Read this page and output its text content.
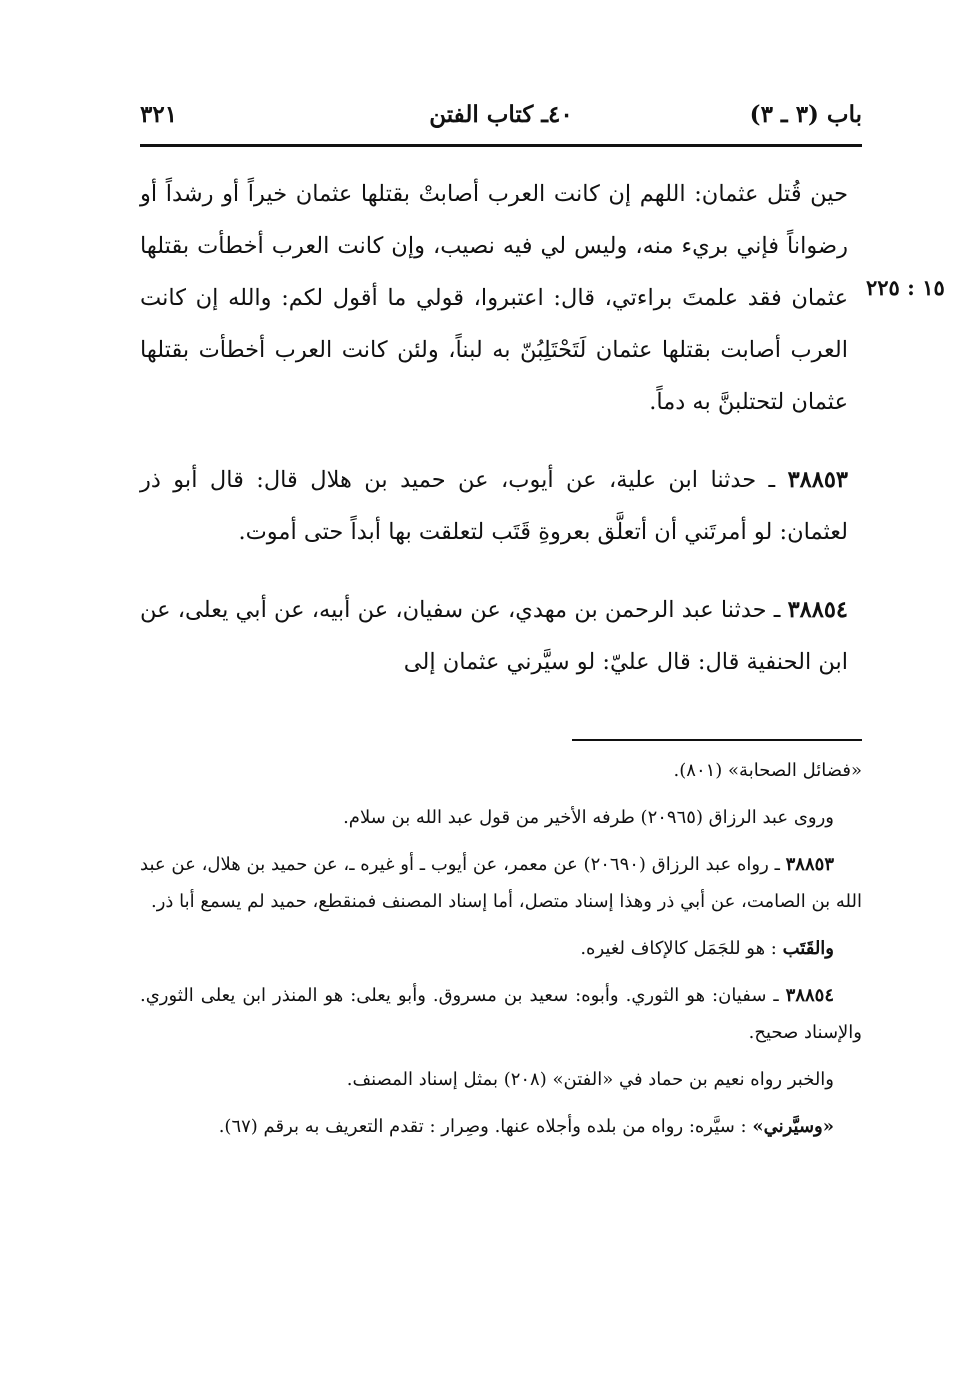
باب (٣ ـ ٣)
٤٠ـ كتاب الفتن
٣٢١
١٥ : ٢٢٥

حين قُتل عثمان: اللهم إن كانت العرب أصابتْ بقتلها عثمان خيراً أو رشداً أو رضواناً فإني بريء منه، وليس لي فيه نصيب، وإن كانت العرب أخطأت بقتلها عثمان فقد علمتَ براءتي، قال: اعتبروا، قولي ما أقول لكم: والله إن كانت العرب أصابت بقتلها عثمان لَتَحْتَلِبُنّ به لبناً، ولئن كانت العرب أخطأت بقتلها عثمان لتحتلبنَّ به دماً.

٣٨٨٥٣ ـ حدثنا ابن علية، عن أيوب، عن حميد بن هلال قال: قال أبو ذر لعثمان: لو أمرتَني أن أتعلَّق بعروةِ قَتَب لتعلقت بها أبداً حتى أموت.

٣٨٨٥٤ ـ حدثنا عبد الرحمن بن مهدي، عن سفيان، عن أبيه، عن أبي يعلى، عن ابن الحنفية قال: قال عليّ: لو سيَّرني عثمان إلى

«فضائل الصحابة» (٨٠١).

وروى عبد الرزاق (٢٠٩٦٥) طرفه الأخير من قول عبد الله بن سلام.

٣٨٨٥٣ ـ رواه عبد الرزاق (٢٠٦٩٠) عن معمر، عن أيوب ـ أو غيره ـ، عن حميد بن هلال، عن عبد الله بن الصامت، عن أبي ذر وهذا إسناد متصل، أما إسناد المصنف فمنقطع، حميد لم يسمع أبا ذر.

والقَتَب : هو للجَمَل كالإكاف لغيره.

٣٨٨٥٤ ـ سفيان: هو الثوري. وأبوه: سعيد بن مسروق. وأبو يعلى: هو المنذر ابن يعلى الثوري. والإسناد صحيح.

والخبر رواه نعيم بن حماد في «الفتن» (٢٠٨) بمثل إسناد المصنف.

«وسيَّرني» : سيَّره: رواه من بلده وأجلاه عنها. وصِرار : تقدم التعريف به برقم (٦٧).
